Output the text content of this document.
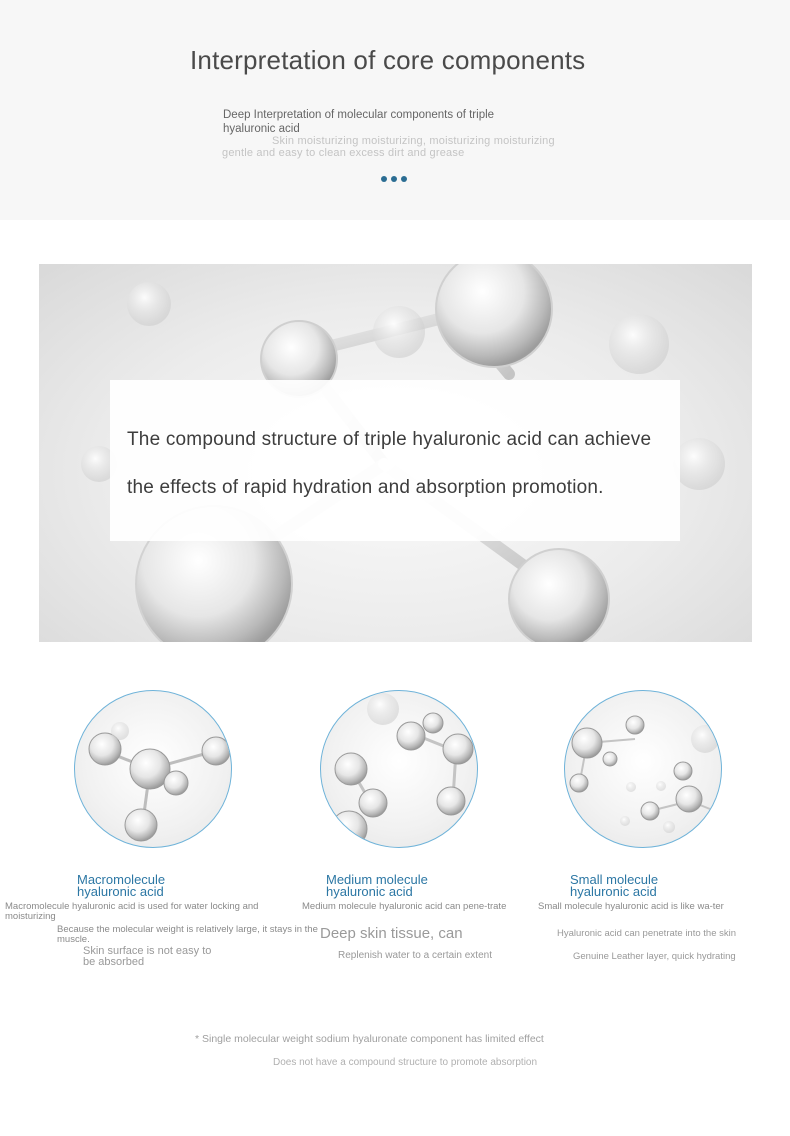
Interpretation of core components
Deep Interpretation of molecular components of triple hyaluronic acid
Skin moisturizing moisturizing, moisturizing moisturizing gentle and easy to clean excess dirt and grease
The compound structure of triple hyaluronic acid can achieve the effects of rapid hydration and absorption promotion.
Macromolecule
hyaluronic acid
Macromolecule hyaluronic acid is used for water locking and moisturizing
Because the molecular weight is relatively large, it stays in the muscle.
Skin surface is not easy to be absorbed
Medium molecule
hyaluronic acid
Medium molecule hyaluronic acid can pene-trate
Deep skin tissue, can
Replenish water to a certain extent
Small molecule
hyaluronic acid
Small molecule hyaluronic acid is like wa-ter
Hyaluronic acid can penetrate into the skin
Genuine Leather layer, quick hydrating
* Single molecular weight sodium hyaluronate component has limited effect
Does not have a compound structure to promote absorption
